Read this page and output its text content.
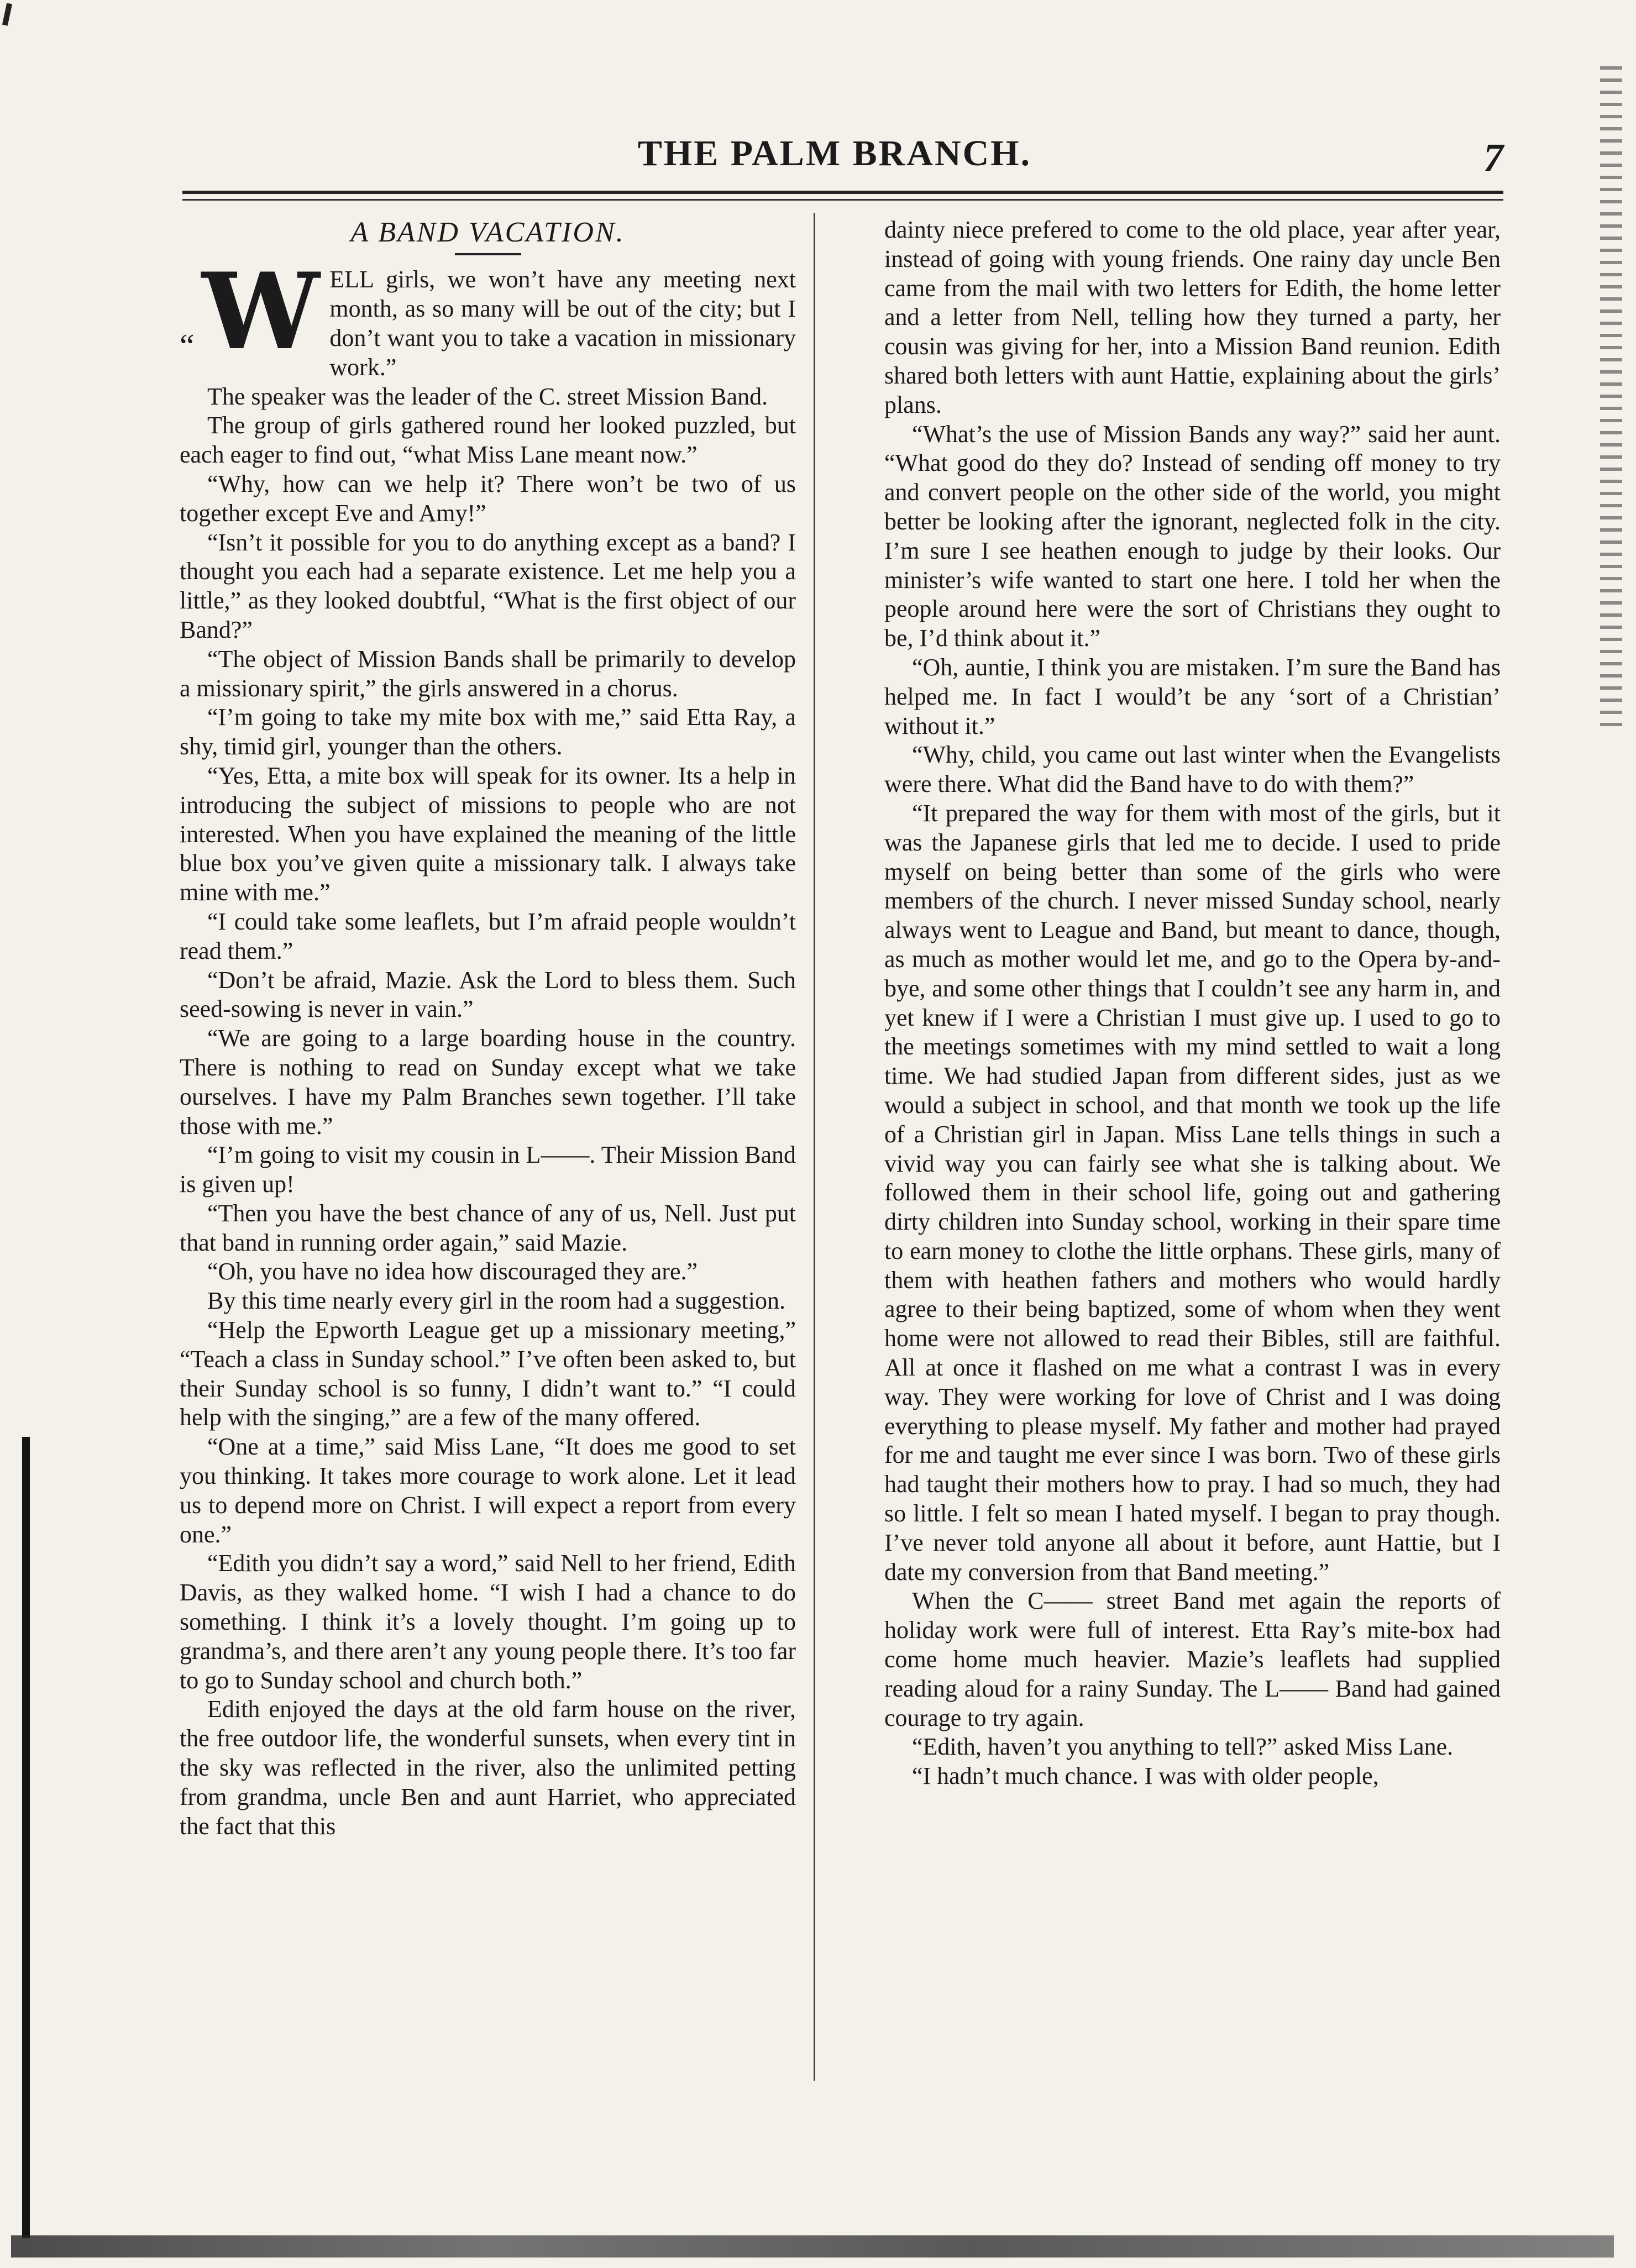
THE PALM BRANCH.	7
A BAND VACATION.
“ W ELL girls, we won’t have any meeting next month, as so many will be out of the city; but I don’t want you to take a vacation in missionary work.”

The speaker was the leader of the C. street Mission Band.

The group of girls gathered round her looked puzzled, but each eager to find out, “what Miss Lane meant now.”

“Why, how can we help it? There won’t be two of us together except Eve and Amy!”

“Isn’t it possible for you to do anything except as a band? I thought you each had a separate existence. Let me help you a little,” as they looked doubtful, “What is the first object of our Band?”

“The object of Mission Bands shall be primarily to develop a missionary spirit,” the girls answered in a chorus.

“I’m going to take my mite box with me,” said Etta Ray, a shy, timid girl, younger than the others.

“Yes, Etta, a mite box will speak for its owner. Its a help in introducing the subject of missions to people who are not interested. When you have explained the meaning of the little blue box you’ve given quite a missionary talk. I always take mine with me.”

“I could take some leaflets, but I’m afraid people wouldn’t read them.”

“Don’t be afraid, Mazie. Ask the Lord to bless them. Such seed-sowing is never in vain.”

“We are going to a large boarding house in the country. There is nothing to read on Sunday except what we take ourselves. I have my Palm Branches sewn together. I’ll take those with me.”

“I’m going to visit my cousin in L——. Their Mission Band is given up!

“Then you have the best chance of any of us, Nell. Just put that band in running order again,” said Mazie.

“Oh, you have no idea how discouraged they are.”

By this time nearly every girl in the room had a suggestion.

“Help the Epworth League get up a missionary meeting,” “Teach a class in Sunday school.” I’ve often been asked to, but their Sunday school is so funny, I didn’t want to.” “I could help with the singing,” are a few of the many offered.

“One at a time,” said Miss Lane, “It does me good to set you thinking. It takes more courage to work alone. Let it lead us to depend more on Christ. I will expect a report from every one.”

“Edith you didn’t say a word,” said Nell to her friend, Edith Davis, as they walked home. “I wish I had a chance to do something. I think it’s a lovely thought. I’m going up to grandma’s, and there aren’t any young people there. It’s too far to go to Sunday school and church both.”

Edith enjoyed the days at the old farm house on the river, the free outdoor life, the wonderful sunsets, when every tint in the sky was reflected in the river, also the unlimited petting from grandma, uncle Ben and aunt Harriet, who appreciated the fact that this

dainty niece prefered to come to the old place, year after year, instead of going with young friends. One rainy day uncle Ben came from the mail with two letters for Edith, the home letter and a letter from Nell, telling how they turned a party, her cousin was giving for her, into a Mission Band reunion. Edith shared both letters with aunt Hattie, explaining about the girls’ plans.

“What’s the use of Mission Bands any way?” said her aunt. “What good do they do? Instead of sending off money to try and convert people on the other side of the world, you might better be looking after the ignorant, neglected folk in the city. I’m sure I see heathen enough to judge by their looks. Our minister’s wife wanted to start one here. I told her when the people around here were the sort of Christians they ought to be, I’d think about it.”

“Oh, auntie, I think you are mistaken. I’m sure the Band has helped me. In fact I would’t be any ‘sort of a Christian’ without it.”

“Why, child, you came out last winter when the Evangelists were there. What did the Band have to do with them?”

“It prepared the way for them with most of the girls, but it was the Japanese girls that led me to decide. I used to pride myself on being better than some of the girls who were members of the church. I never missed Sunday school, nearly always went to League and Band, but meant to dance, though, as much as mother would let me, and go to the Opera by-and-bye, and some other things that I couldn’t see any harm in, and yet knew if I were a Christian I must give up. I used to go to the meetings sometimes with my mind settled to wait a long time. We had studied Japan from different sides, just as we would a subject in school, and that month we took up the life of a Christian girl in Japan. Miss Lane tells things in such a vivid way you can fairly see what she is talking about. We followed them in their school life, going out and gathering dirty children into Sunday school, working in their spare time to earn money to clothe the little orphans. These girls, many of them with heathen fathers and mothers who would hardly agree to their being baptized, some of whom when they went home were not allowed to read their Bibles, still are faithful. All at once it flashed on me what a contrast I was in every way. They were working for love of Christ and I was doing everything to please myself. My father and mother had prayed for me and taught me ever since I was born. Two of these girls had taught their mothers how to pray. I had so much, they had so little. I felt so mean I hated myself. I began to pray though. I’ve never told anyone all about it before, aunt Hattie, but I date my conversion from that Band meeting.”

When the C—— street Band met again the reports of holiday work were full of interest. Etta Ray’s mite-box had come home much heavier. Mazie’s leaflets had supplied reading aloud for a rainy Sunday. The L—— Band had gained courage to try again.

“Edith, haven’t you anything to tell?” asked Miss Lane.

“I hadn’t much chance. I was with older people,
